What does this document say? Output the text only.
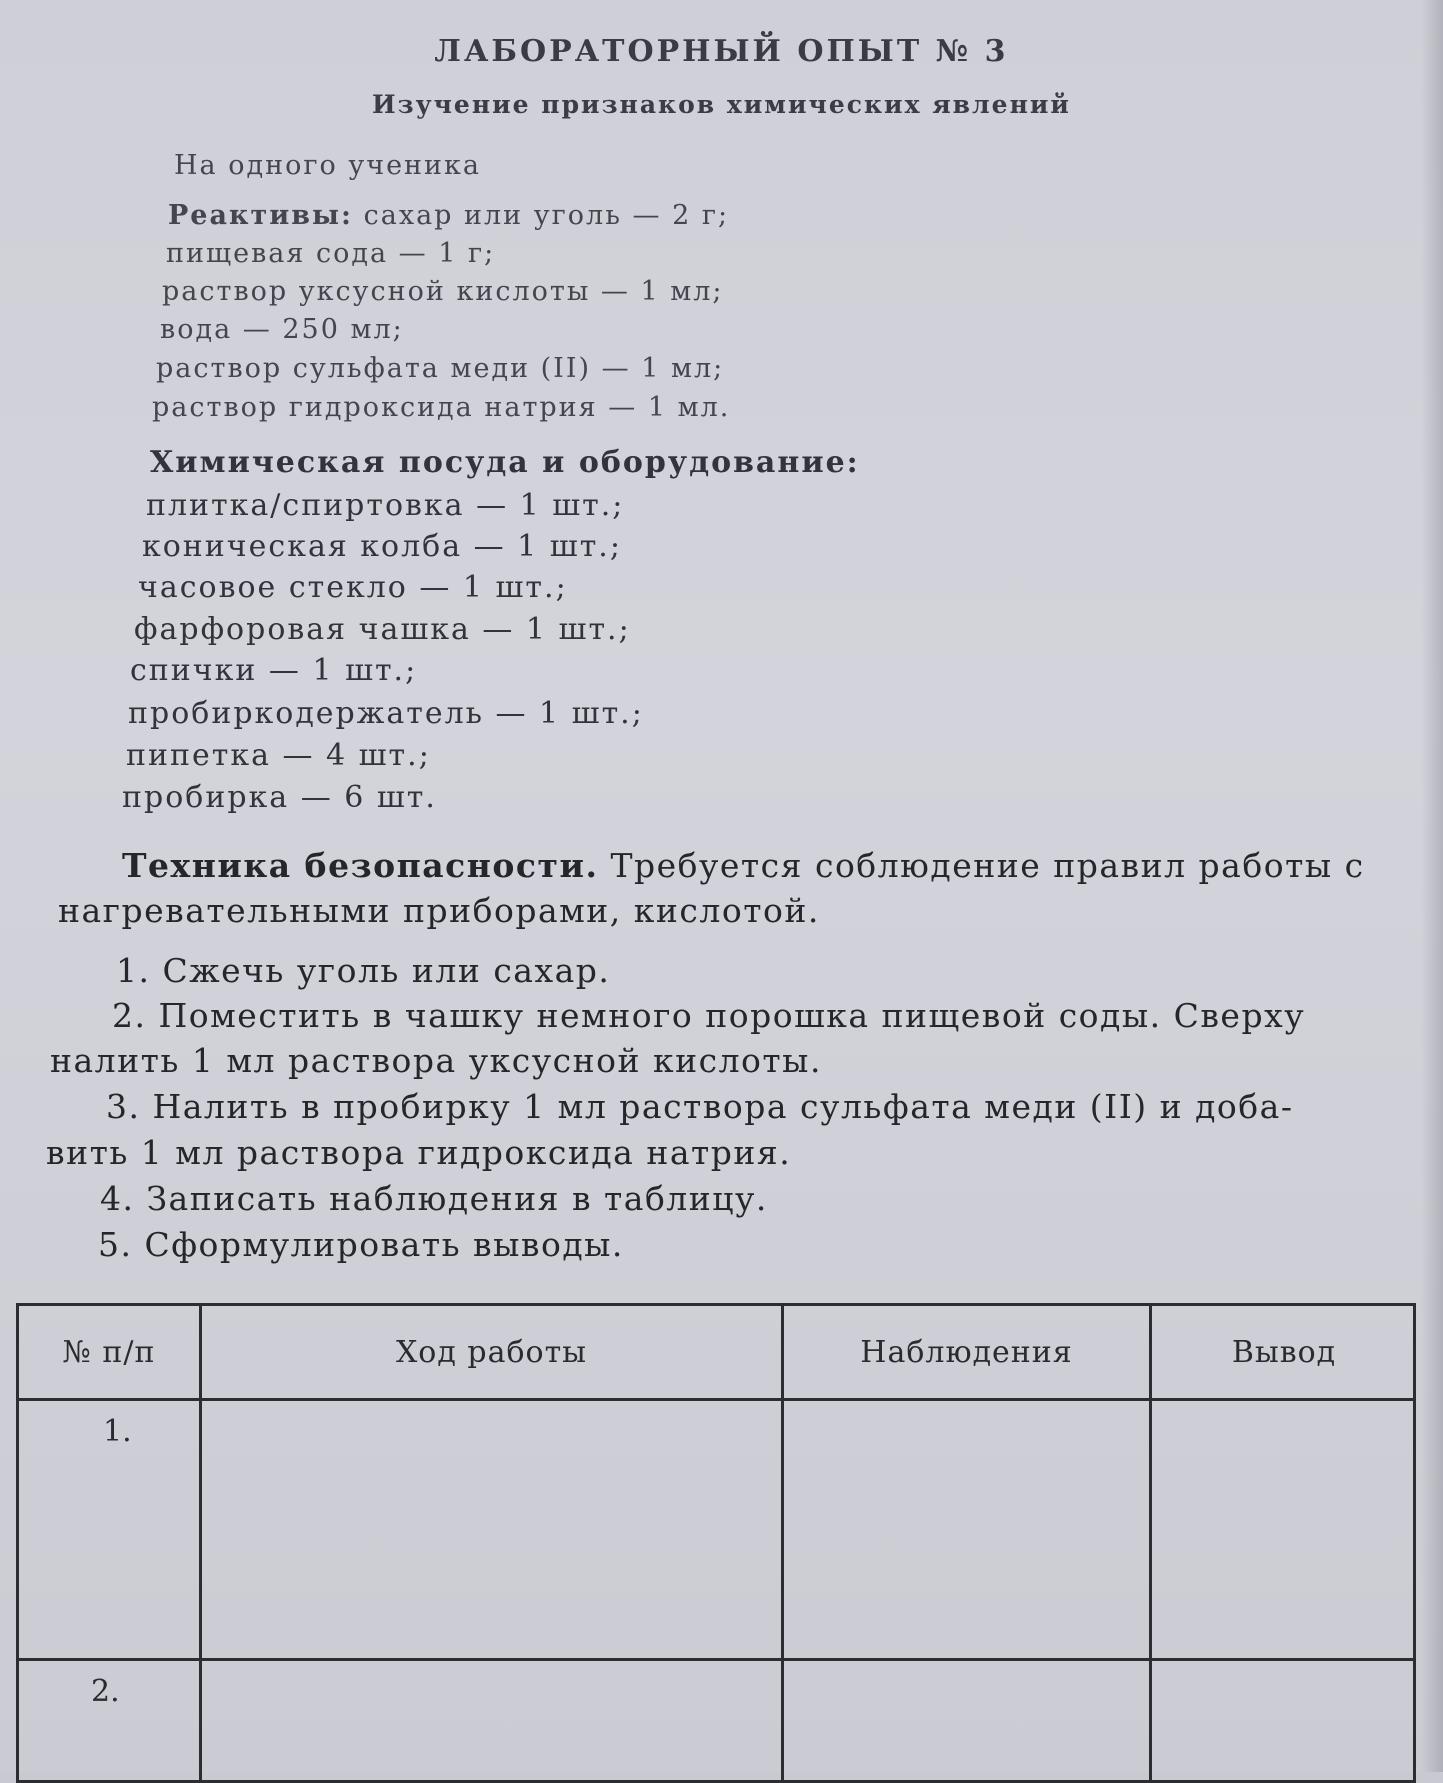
ЛАБОРАТОРНЫЙ ОПЫТ № 3
Изучение признаков химических явлений
На одного ученика
Реактивы: сахар или уголь — 2 г;
пищевая сода — 1 г;
раствор уксусной кислоты — 1 мл;
вода — 250 мл;
раствор сульфата меди (II) — 1 мл;
раствор гидроксида натрия — 1 мл.
Химическая посуда и оборудование:
плитка/спиртовка — 1 шт.;
коническая колба — 1 шт.;
часовое стекло — 1 шт.;
фарфоровая чашка — 1 шт.;
спички — 1 шт.;
пробиркодержатель — 1 шт.;
пипетка — 4 шт.;
пробирка — 6 шт.
Техника безопасности. Требуется соблюдение правил работы с
нагревательными приборами, кислотой.
1. Сжечь уголь или сахар.
2. Поместить в чашку немного порошка пищевой соды. Сверху
налить 1 мл раствора уксусной кислоты.
3. Налить в пробирку 1 мл раствора сульфата меди (II) и доба-
вить 1 мл раствора гидроксида натрия.
4. Записать наблюдения в таблицу.
5. Сформулировать выводы.
№ п/п	Ход работы	Наблюдения	Вывод
1.
2.
